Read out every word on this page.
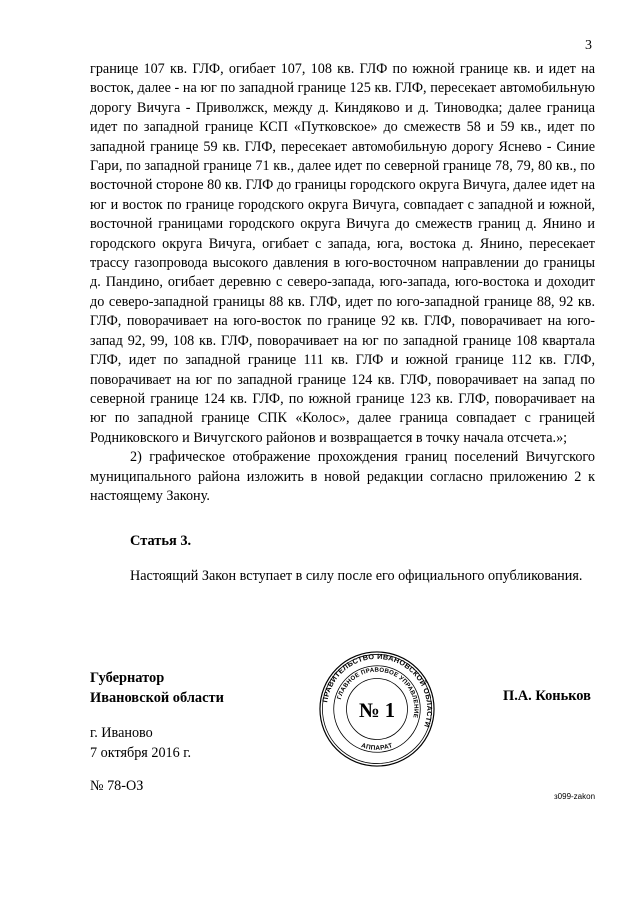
3

границе 107 кв. ГЛФ, огибает 107, 108 кв. ГЛФ по южной границе кв. и идет на восток, далее - на юг по западной границе 125 кв. ГЛФ, пересекает автомобильную дорогу Вичуга - Приволжск, между д. Киндяково и д. Тиноводка; далее граница идет по западной границе КСП «Путковское» до смежеств 58 и 59 кв., идет по западной границе 59 кв. ГЛФ, пересекает автомобильную дорогу Яснево - Синие Гари, по западной границе 71 кв., далее идет по северной границе 78, 79, 80 кв., по восточной стороне 80 кв. ГЛФ до границы городского округа Вичуга, далее идет на юг и восток по границе городского округа Вичуга, совпадает с западной и южной, восточной границами городского округа Вичуга до смежеств границ д. Янино и городского округа Вичуга, огибает с запада, юга, востока д. Янино, пересекает трассу газопровода высокого давления в юго-восточном направлении до границы д. Пандино, огибает деревню с северо-запада, юго-запада, юго-востока и доходит до северо-западной границы 88 кв. ГЛФ, идет по юго-западной границе 88, 92 кв. ГЛФ, поворачивает на юго-восток по границе 92 кв. ГЛФ, поворачивает на юго-запад 92, 99, 108 кв. ГЛФ, поворачивает на юг по западной границе 108 квартала ГЛФ, идет по западной границе 111 кв. ГЛФ и южной границе 112 кв. ГЛФ, поворачивает на юг по западной границе 124 кв. ГЛФ, поворачивает на запад по северной границе 124 кв. ГЛФ, по южной границе 123 кв. ГЛФ, поворачивает на юг по западной границе СПК «Колос», далее граница совпадает с границей Родниковского и Вичугского районов и возвращается в точку начала отсчета.»;

2) графическое отображение прохождения границ поселений Вичугского муниципального района изложить в новой редакции согласно приложению 2 к настоящему Закону.

Статья 3.
Настоящий Закон вступает в силу после его официального опубликования.
Губернатор
Ивановской области	ПРАВИТЕЛЬСТВО ИВАНОВСКОЙ ОБЛАСТИ
ГЛАВНОЕ ПРАВОВОЕ УПРАВЛЕНИЕ
АППАРАТ
№ 1
П.А. Коньков
г. Иваново
7 октября 2016 г.
№ 78-ОЗ
з099-zakon
